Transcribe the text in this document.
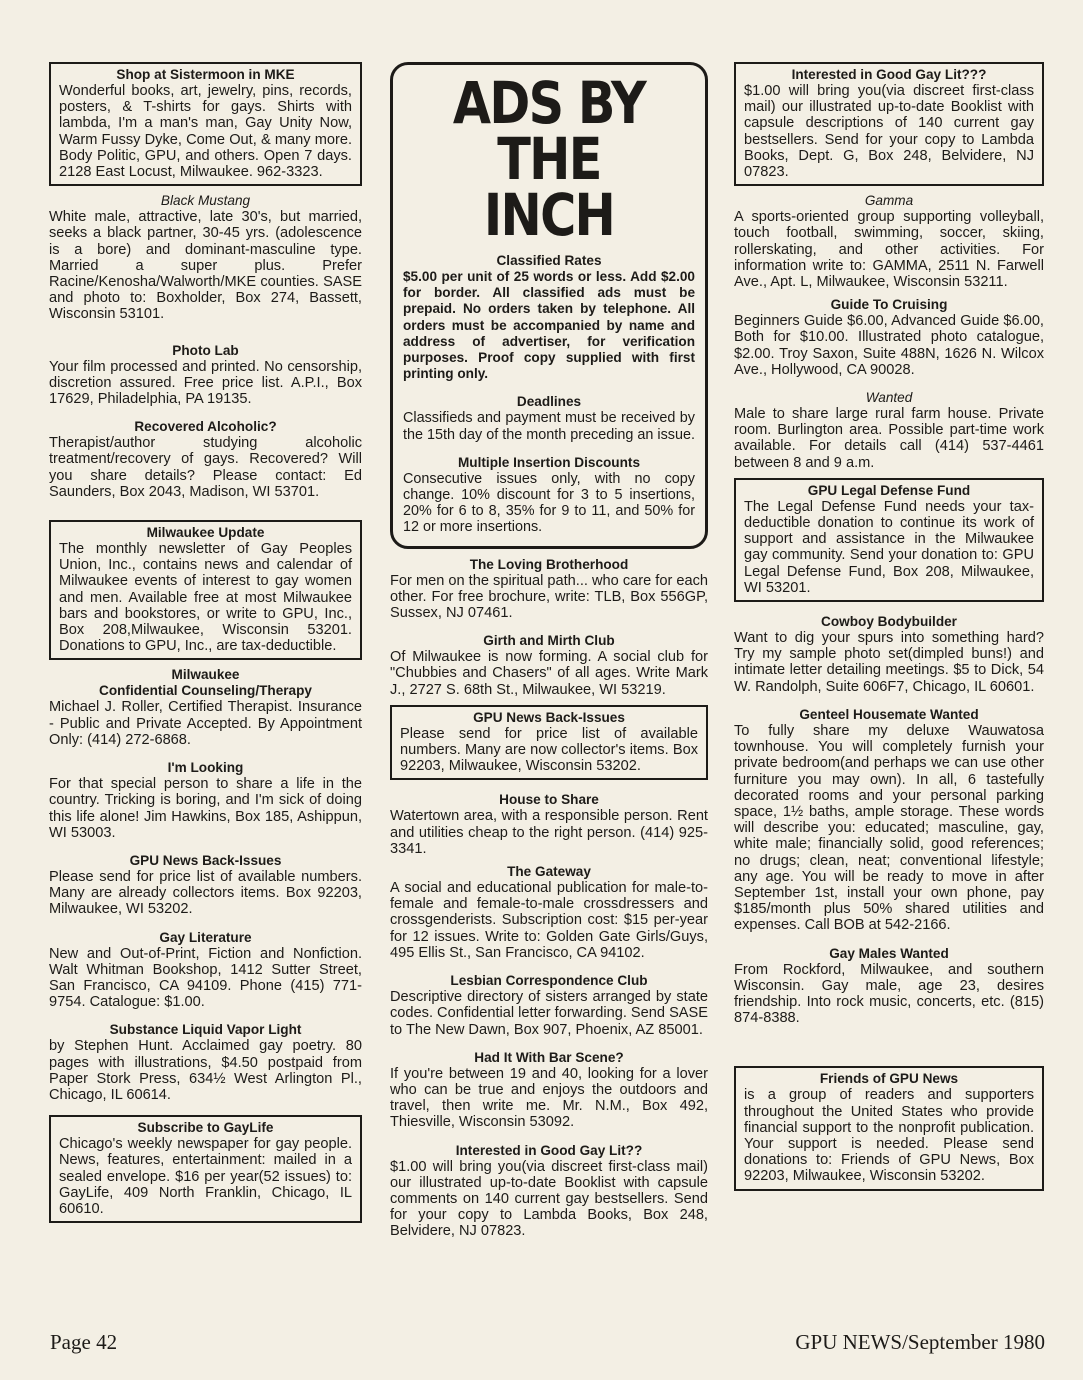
Shop at Sistermoon in MKE
Wonderful books, art, jewelry, pins, records, posters, & T-shirts for gays. Shirts with lambda, I'm a man's man, Gay Unity Now, Warm Fussy Dyke, Come Out, & many more. Body Politic, GPU, and others. Open 7 days. 2128 East Locust, Milwaukee. 962-3323.
Black Mustang
White male, attractive, late 30's, but married, seeks a black partner, 30-45 yrs. (adolescence is a bore) and dominant-masculine type. Married a super plus. Prefer Racine/Kenosha/Walworth/MKE counties. SASE and photo to: Boxholder, Box 274, Bassett, Wisconsin 53101.
Photo Lab
Your film processed and printed. No censorship, discretion assured. Free price list. A.P.I., Box 17629, Philadelphia, PA 19135.
Recovered Alcoholic?
Therapist/author studying alcoholic treatment/recovery of gays. Recovered? Will you share details? Please contact: Ed Saunders, Box 2043, Madison, WI 53701.
Milwaukee Update
The monthly newsletter of Gay Peoples Union, Inc., contains news and calendar of Milwaukee events of interest to gay women and men. Available free at most Milwaukee bars and bookstores, or write to GPU, Inc., Box 208,Milwaukee, Wisconsin 53201. Donations to GPU, Inc., are tax-deductible.
Milwaukee
Confidential Counseling/Therapy
Michael J. Roller, Certified Therapist. Insurance - Public and Private Accepted. By Appointment Only: (414) 272-6868.
I'm Looking
For that special person to share a life in the country. Tricking is boring, and I'm sick of doing this life alone! Jim Hawkins, Box 185, Ashippun, WI 53003.
GPU News Back-Issues
Please send for price list of available numbers. Many are already collectors items. Box 92203, Milwaukee, WI 53202.
Gay Literature
New and Out-of-Print, Fiction and Nonfiction. Walt Whitman Bookshop, 1412 Sutter Street, San Francisco, CA 94109. Phone (415) 771-9754. Catalogue: $1.00.
Substance Liquid Vapor Light
by Stephen Hunt. Acclaimed gay poetry. 80 pages with illustrations, $4.50 postpaid from Paper Stork Press, 634½ West Arlington Pl., Chicago, IL 60614.
Subscribe to GayLife
Chicago's weekly newspaper for gay people. News, features, entertainment: mailed in a sealed envelope. $16 per year(52 issues) to: GayLife, 409 North Franklin, Chicago, IL 60610.
ADS BY
THE INCH
Classified Rates
$5.00 per unit of 25 words or less. Add $2.00 for border. All classified ads must be prepaid. No orders taken by telephone. All orders must be accompanied by name and address of advertiser, for verification purposes. Proof copy supplied with first printing only.
Deadlines
Classifieds and payment must be received by the 15th day of the month preceding an issue.
Multiple Insertion Discounts
Consecutive issues only, with no copy change. 10% discount for 3 to 5 insertions, 20% for 6 to 8, 35% for 9 to 11, and 50% for 12 or more insertions.
The Loving Brotherhood
For men on the spiritual path... who care for each other. For free brochure, write: TLB, Box 556GP, Sussex, NJ 07461.
Girth and Mirth Club
Of Milwaukee is now forming. A social club for "Chubbies and Chasers" of all ages. Write Mark J., 2727 S. 68th St., Milwaukee, WI 53219.
GPU News Back-Issues
Please send for price list of available numbers. Many are now collector's items. Box 92203, Milwaukee, Wisconsin 53202.
House to Share
Watertown area, with a responsible person. Rent and utilities cheap to the right person. (414) 925-3341.
The Gateway
A social and educational publication for male-to-female and female-to-male crossdressers and crossgenderists. Subscription cost: $15 per-year for 12 issues. Write to: Golden Gate Girls/Guys, 495 Ellis St., San Francisco, CA 94102.
Lesbian Correspondence Club
Descriptive directory of sisters arranged by state codes. Confidential letter forwarding. Send SASE to The New Dawn, Box 907, Phoenix, AZ 85001.
Had It With Bar Scene?
If you're between 19 and 40, looking for a lover who can be true and enjoys the outdoors and travel, then write me. Mr. N.M., Box 492, Thiesville, Wisconsin 53092.
Interested in Good Gay Lit??
$1.00 will bring you(via discreet first-class mail) our illustrated up-to-date Booklist with capsule comments on 140 current gay bestsellers. Send for your copy to Lambda Books, Box 248, Belvidere, NJ 07823.
Interested in Good Gay Lit???
$1.00 will bring you(via discreet first-class mail) our illustrated up-to-date Booklist with capsule descriptions of 140 current gay bestsellers. Send for your copy to Lambda Books, Dept. G, Box 248, Belvidere, NJ 07823.
Gamma
A sports-oriented group supporting volleyball, touch football, swimming, soccer, skiing, rollerskating, and other activities. For information write to: GAMMA, 2511 N. Farwell Ave., Apt. L, Milwaukee, Wisconsin 53211.
Guide To Cruising
Beginners Guide $6.00, Advanced Guide $6.00, Both for $10.00. Illustrated photo catalogue, $2.00. Troy Saxon, Suite 488N, 1626 N. Wilcox Ave., Hollywood, CA 90028.
Wanted
Male to share large rural farm house. Private room. Burlington area. Possible part-time work available. For details call (414) 537-4461 between 8 and 9 a.m.
GPU Legal Defense Fund
The Legal Defense Fund needs your tax-deductible donation to continue its work of support and assistance in the Milwaukee gay community. Send your donation to: GPU Legal Defense Fund, Box 208, Milwaukee, WI 53201.
Cowboy Bodybuilder
Want to dig your spurs into something hard? Try my sample photo set(dimpled buns!) and intimate letter detailing meetings. $5 to Dick, 54 W. Randolph, Suite 606F7, Chicago, IL 60601.
Genteel Housemate Wanted
To fully share my deluxe Wauwatosa townhouse. You will completely furnish your private bedroom(and perhaps we can use other furniture you may own). In all, 6 tastefully decorated rooms and your personal parking space, 1½ baths, ample storage. These words will describe you: educated; masculine, gay, white male; financially solid, good references; no drugs; clean, neat; conventional lifestyle; any age. You will be ready to move in after September 1st, install your own phone, pay $185/month plus 50% shared utilities and expenses. Call BOB at 542-2166.
Gay Males Wanted
From Rockford, Milwaukee, and southern Wisconsin. Gay male, age 23, desires friendship. Into rock music, concerts, etc. (815) 874-8388.
Friends of GPU News
is a group of readers and supporters throughout the United States who provide financial support to the nonprofit publication. Your support is needed. Please send donations to: Friends of GPU News, Box 92203, Milwaukee, Wisconsin 53202.
Page 42	GPU NEWS/September 1980
